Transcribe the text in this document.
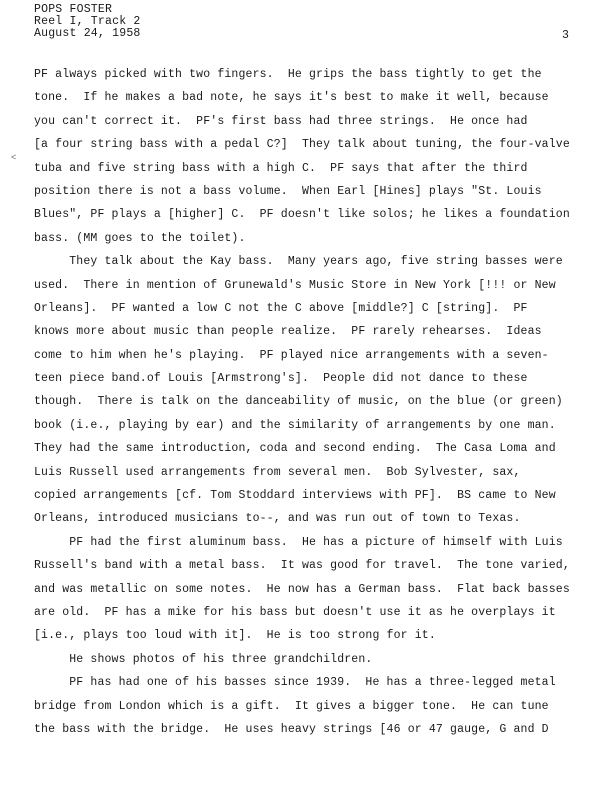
POPS FOSTER
Reel I, Track 2
August 24, 1958	3
<
PF always picked with two fingers.  He grips the bass tightly to get the
tone.  If he makes a bad note, he says it's best to make it well, because
you can't correct it.  PF's first bass had three strings.  He once had
[a four string bass with a pedal C?]  They talk about tuning, the four-valve
tuba and five string bass with a high C.  PF says that after the third
position there is not a bass volume.  When Earl [Hines] plays "St. Louis
Blues", PF plays a [higher] C.  PF doesn't like solos; he likes a foundation
bass. (MM goes to the toilet).
They talk about the Kay bass.  Many years ago, five string basses were
used.  There in mention of Grunewald's Music Store in New York [!!! or New
Orleans].  PF wanted a low C not the C above [middle?] C [string].  PF
knows more about music than people realize.  PF rarely rehearses.  Ideas
come to him when he's playing.  PF played nice arrangements with a seven-
teen piece band.of Louis [Armstrong's].  People did not dance to these
though.  There is talk on the danceability of music, on the blue (or green)
book (i.e., playing by ear) and the similarity of arrangements by one man.
They had the same introduction, coda and second ending.  The Casa Loma and
Luis Russell used arrangements from several men.  Bob Sylvester, sax,
copied arrangements [cf. Tom Stoddard interviews with PF].  BS came to New
Orleans, introduced musicians to--, and was run out of town to Texas.
PF had the first aluminum bass.  He has a picture of himself with Luis
Russell's band with a metal bass.  It was good for travel.  The tone varied,
and was metallic on some notes.  He now has a German bass.  Flat back basses
are old.  PF has a mike for his bass but doesn't use it as he overplays it
[i.e., plays too loud with it].  He is too strong for it.
He shows photos of his three grandchildren.
PF has had one of his basses since 1939.  He has a three-legged metal
bridge from London which is a gift.  It gives a bigger tone.  He can tune
the bass with the bridge.  He uses heavy strings [46 or 47 gauge, G and D
